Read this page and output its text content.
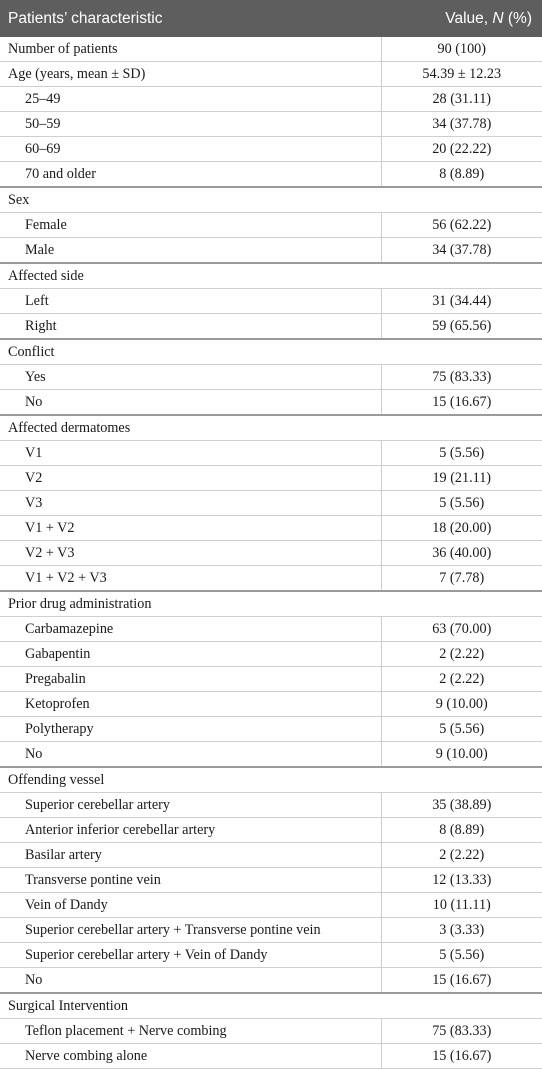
Patients’ characteristic	Value, N (%)
Number of patients	90 (100)
Age (years, mean ± SD)	54.39 ± 12.23
25–49	28 (31.11)
50–59	34 (37.78)
60–69	20 (22.22)
70 and older	8 (8.89)
Sex	
Female	56 (62.22)
Male	34 (37.78)
Affected side	
Left	31 (34.44)
Right	59 (65.56)
Conflict	
Yes	75 (83.33)
No	15 (16.67)
Affected dermatomes	
V1	5 (5.56)
V2	19 (21.11)
V3	5 (5.56)
V1 + V2	18 (20.00)
V2 + V3	36 (40.00)
V1 + V2 + V3	7 (7.78)
Prior drug administration	
Carbamazepine	63 (70.00)
Gabapentin	2 (2.22)
Pregabalin	2 (2.22)
Ketoprofen	9 (10.00)
Polytherapy	5 (5.56)
No	9 (10.00)
Offending vessel	
Superior cerebellar artery	35 (38.89)
Anterior inferior cerebellar artery	8 (8.89)
Basilar artery	2 (2.22)
Transverse pontine vein	12 (13.33)
Vein of Dandy	10 (11.11)
Superior cerebellar artery + Transverse pontine vein	3 (3.33)
Superior cerebellar artery + Vein of Dandy	5 (5.56)
No	15 (16.67)
Surgical Intervention	
Teflon placement + Nerve combing	75 (83.33)
Nerve combing alone	15 (16.67)
